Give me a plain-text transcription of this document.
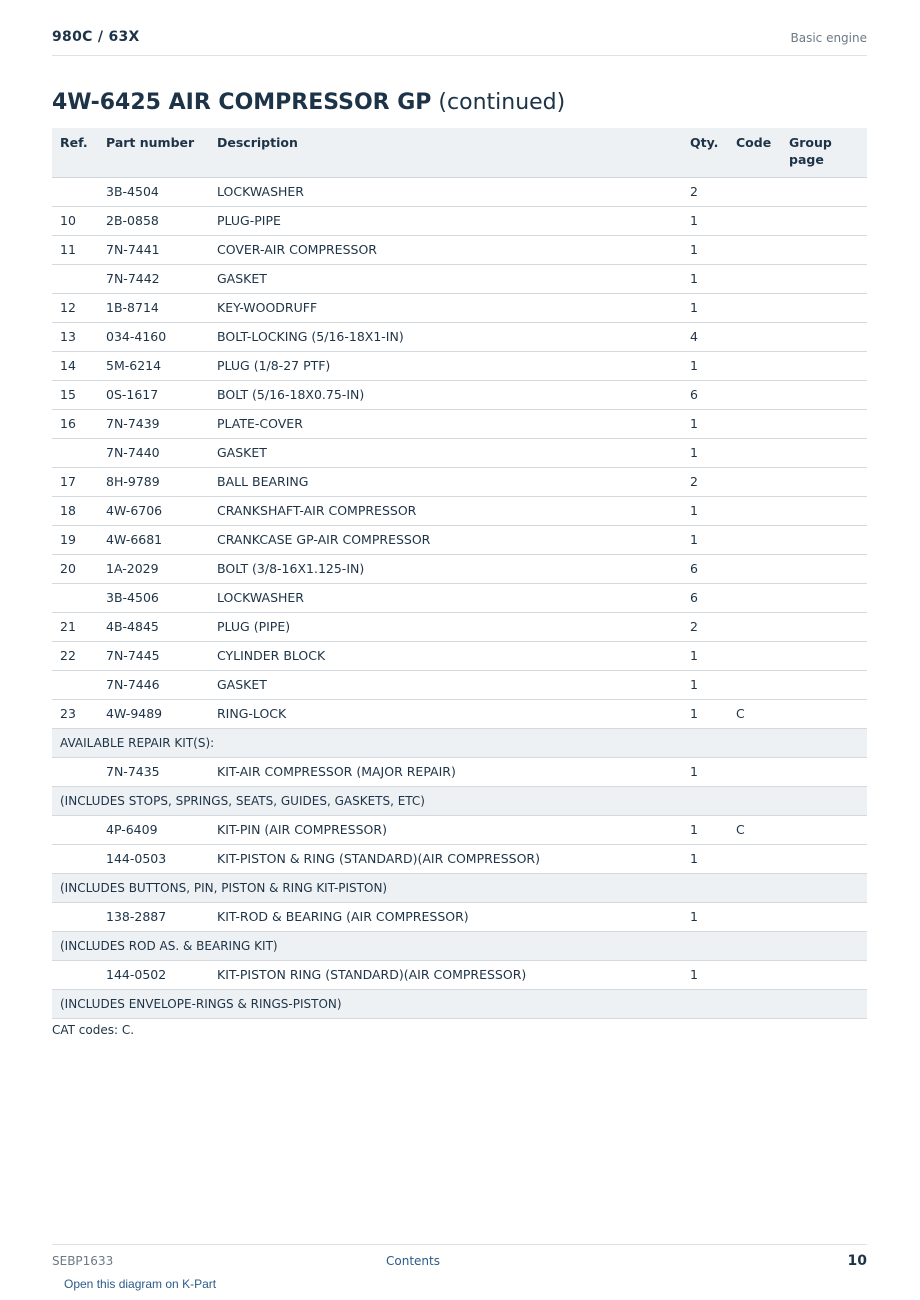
980C / 63X	Basic engine
4W-6425 AIR COMPRESSOR GP (continued)
Ref.	Part number	Description	Qty.	Code	Group page
	3B-4504	LOCKWASHER	2		
10	2B-0858	PLUG-PIPE	1		
11	7N-7441	COVER-AIR COMPRESSOR	1		
	7N-7442	GASKET	1		
12	1B-8714	KEY-WOODRUFF	1		
13	034-4160	BOLT-LOCKING (5/16-18X1-IN)	4		
14	5M-6214	PLUG (1/8-27 PTF)	1		
15	0S-1617	BOLT (5/16-18X0.75-IN)	6		
16	7N-7439	PLATE-COVER	1		
	7N-7440	GASKET	1		
17	8H-9789	BALL BEARING	2		
18	4W-6706	CRANKSHAFT-AIR COMPRESSOR	1		
19	4W-6681	CRANKCASE GP-AIR COMPRESSOR	1		
20	1A-2029	BOLT (3/8-16X1.125-IN)	6		
	3B-4506	LOCKWASHER	6		
21	4B-4845	PLUG (PIPE)	2		
22	7N-7445	CYLINDER BLOCK	1		
	7N-7446	GASKET	1		
23	4W-9489	RING-LOCK	1	C	
AVAILABLE REPAIR KIT(S):					
	7N-7435	KIT-AIR COMPRESSOR (MAJOR REPAIR)	1		
(INCLUDES STOPS, SPRINGS, SEATS, GUIDES, GASKETS, ETC)					
	4P-6409	KIT-PIN (AIR COMPRESSOR)	1	C	
	144-0503	KIT-PISTON & RING (STANDARD)(AIR COMPRESSOR)	1		
(INCLUDES BUTTONS, PIN, PISTON & RING KIT-PISTON)					
	138-2887	KIT-ROD & BEARING (AIR COMPRESSOR)	1		
(INCLUDES ROD AS. & BEARING KIT)					
	144-0502	KIT-PISTON RING (STANDARD)(AIR COMPRESSOR)	1		
(INCLUDES ENVELOPE-RINGS & RINGS-PISTON)					
CAT codes: C.
SEBP1633	Contents	10
Open this diagram on K-Part
